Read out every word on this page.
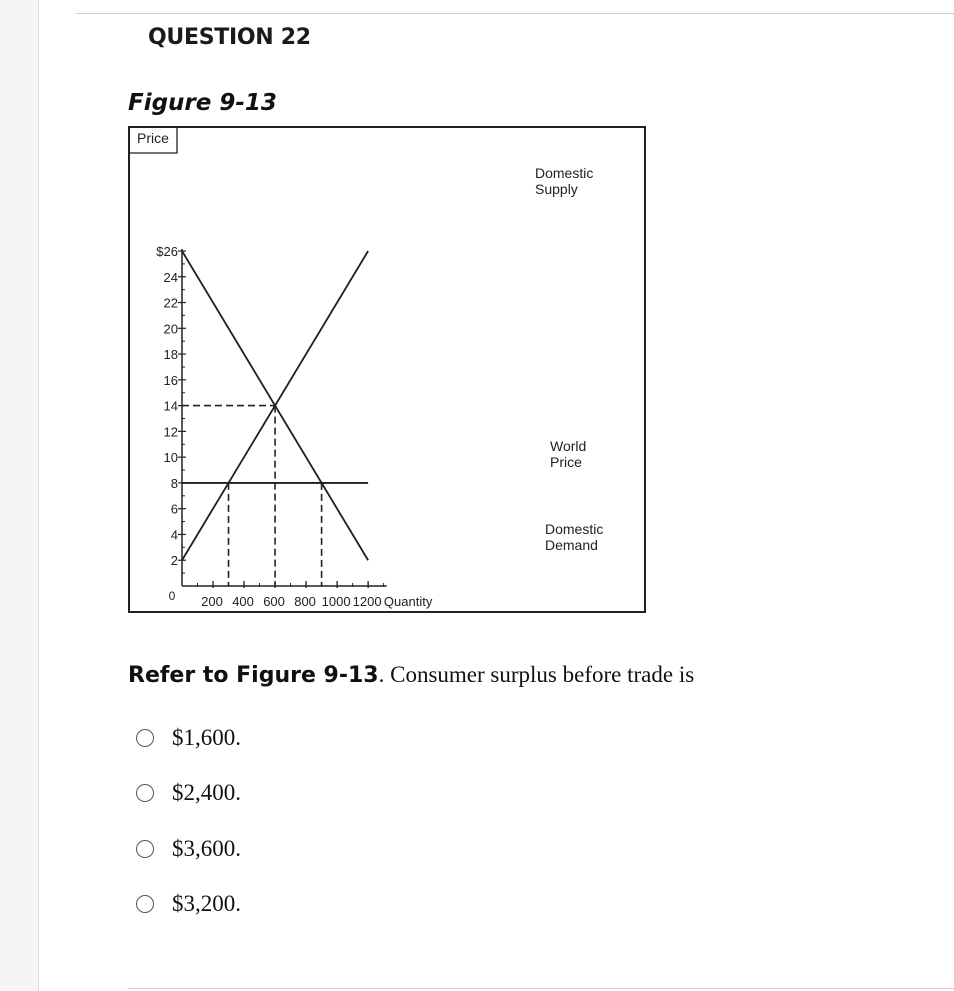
QUESTION 22
Figure 9-13
Price
2
4
6
8
10
12
14
16
18
20
22
24
$26
0 200 400 600 800 1000 1200 Quantity
Domestic
Supply
Domestic
Demand
World
Price
Refer to Figure 9-13. Consumer surplus before trade is
$1,600.
$2,400.
$3,600.
$3,200.
